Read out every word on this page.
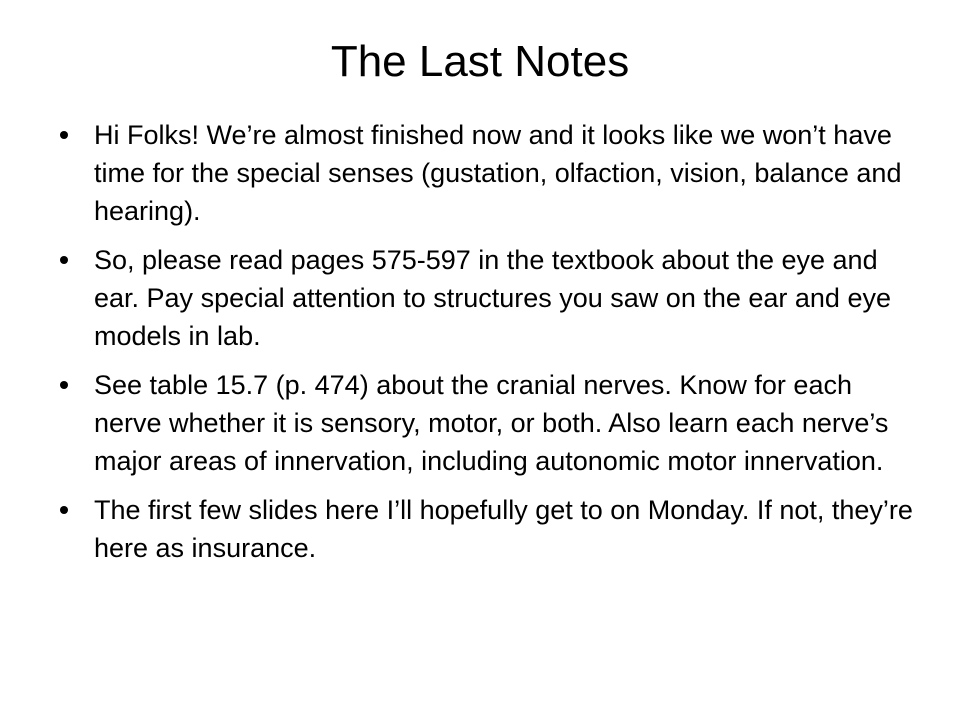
The Last Notes
Hi Folks! We’re almost finished now and it looks like we won’t have time for the special senses (gustation, olfaction, vision, balance and hearing).
So, please read pages 575-597 in the textbook about the eye and ear. Pay special attention to structures you saw on the ear and eye models in lab.
See table 15.7 (p. 474) about the cranial nerves. Know for each nerve whether it is sensory, motor, or both. Also learn each nerve’s major areas of innervation, including autonomic motor innervation.
The first few slides here I’ll hopefully get to on Monday. If not, they’re here as insurance.
